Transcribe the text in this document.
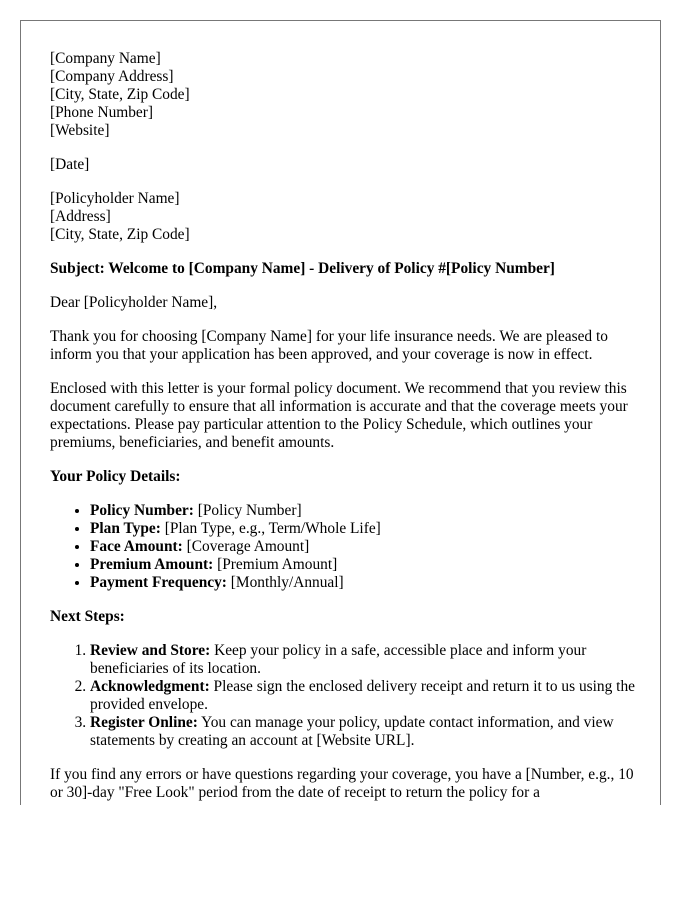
[Company Name]
[Company Address]
[City, State, Zip Code]
[Phone Number]
[Website]

[Date]

[Policyholder Name]
[Address]
[City, State, Zip Code]

Subject: Welcome to [Company Name] - Delivery of Policy #[Policy Number]

Dear [Policyholder Name],

Thank you for choosing [Company Name] for your life insurance needs. We are pleased to inform you that your application has been approved, and your coverage is now in effect.

Enclosed with this letter is your formal policy document. We recommend that you review this document carefully to ensure that all information is accurate and that the coverage meets your expectations. Please pay particular attention to the Policy Schedule, which outlines your premiums, beneficiaries, and benefit amounts.

Your Policy Details:

• Policy Number: [Policy Number]
• Plan Type: [Plan Type, e.g., Term/Whole Life]
• Face Amount: [Coverage Amount]
• Premium Amount: [Premium Amount]
• Payment Frequency: [Monthly/Annual]

Next Steps:

1. Review and Store: Keep your policy in a safe, accessible place and inform your beneficiaries of its location.
2. Acknowledgment: Please sign the enclosed delivery receipt and return it to us using the provided envelope.
3. Register Online: You can manage your policy, update contact information, and view statements by creating an account at [Website URL].

If you find any errors or have questions regarding your coverage, you have a [Number, e.g., 10 or 30]-day "Free Look" period from the date of receipt to return the policy for a
